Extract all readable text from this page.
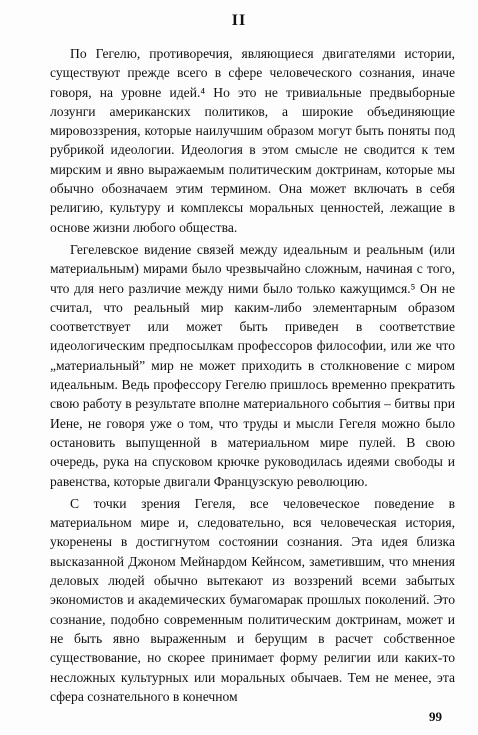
II

По Гегелю, противоречия, являющиеся двигателями истории, существуют прежде всего в сфере человеческого сознания, иначе говоря, на уровне идей.⁴ Но это не тривиальные предвыборные лозунги американских политиков, а широкие объединяющие мировоззрения, которые наилучшим образом могут быть поняты под рубрикой идеологии. Идеология в этом смысле не сводится к тем мирским и явно выражаемым политическим доктринам, которые мы обычно обозначаем этим термином. Она может включать в себя религию, культуру и комплексы моральных ценностей, лежащие в основе жизни любого общества.

Гегелевское видение связей между идеальным и реальным (или материальным) мирами было чрезвычайно сложным, начиная с того, что для него различие между ними было только кажущимся.⁵ Он не считал, что реальный мир каким-либо элементарным образом соответствует или может быть приведен в соответствие идеологическим предпосылкам профессоров философии, или же что „материальный” мир не может приходить в столкновение с миром идеальным. Ведь профессору Гегелю пришлось временно прекратить свою работу в результате вполне материального события – битвы при Иене, не говоря уже о том, что труды и мысли Гегеля можно было остановить выпущенной в материальном мире пулей. В свою очередь, рука на спусковом крючке руководилась идеями свободы и равенства, которые двигали Французскую революцию.

С точки зрения Гегеля, все человеческое поведение в материальном мире и, следовательно, вся человеческая история, укоренены в достигнутом состоянии сознания. Эта идея близка высказанной Джоном Мейнардом Кейнсом, заметившим, что мнения деловых людей обычно вытекают из воззрений всеми забытых экономистов и академических бумагомарак прошлых поколений. Это сознание, подобно современным политическим доктринам, может и не быть явно выраженным и берущим в расчет собственное существование, но скорее принимает форму религии или каких-то несложных культурных или моральных обычаев. Тем не менее, эта сфера сознательного в конечном

99
